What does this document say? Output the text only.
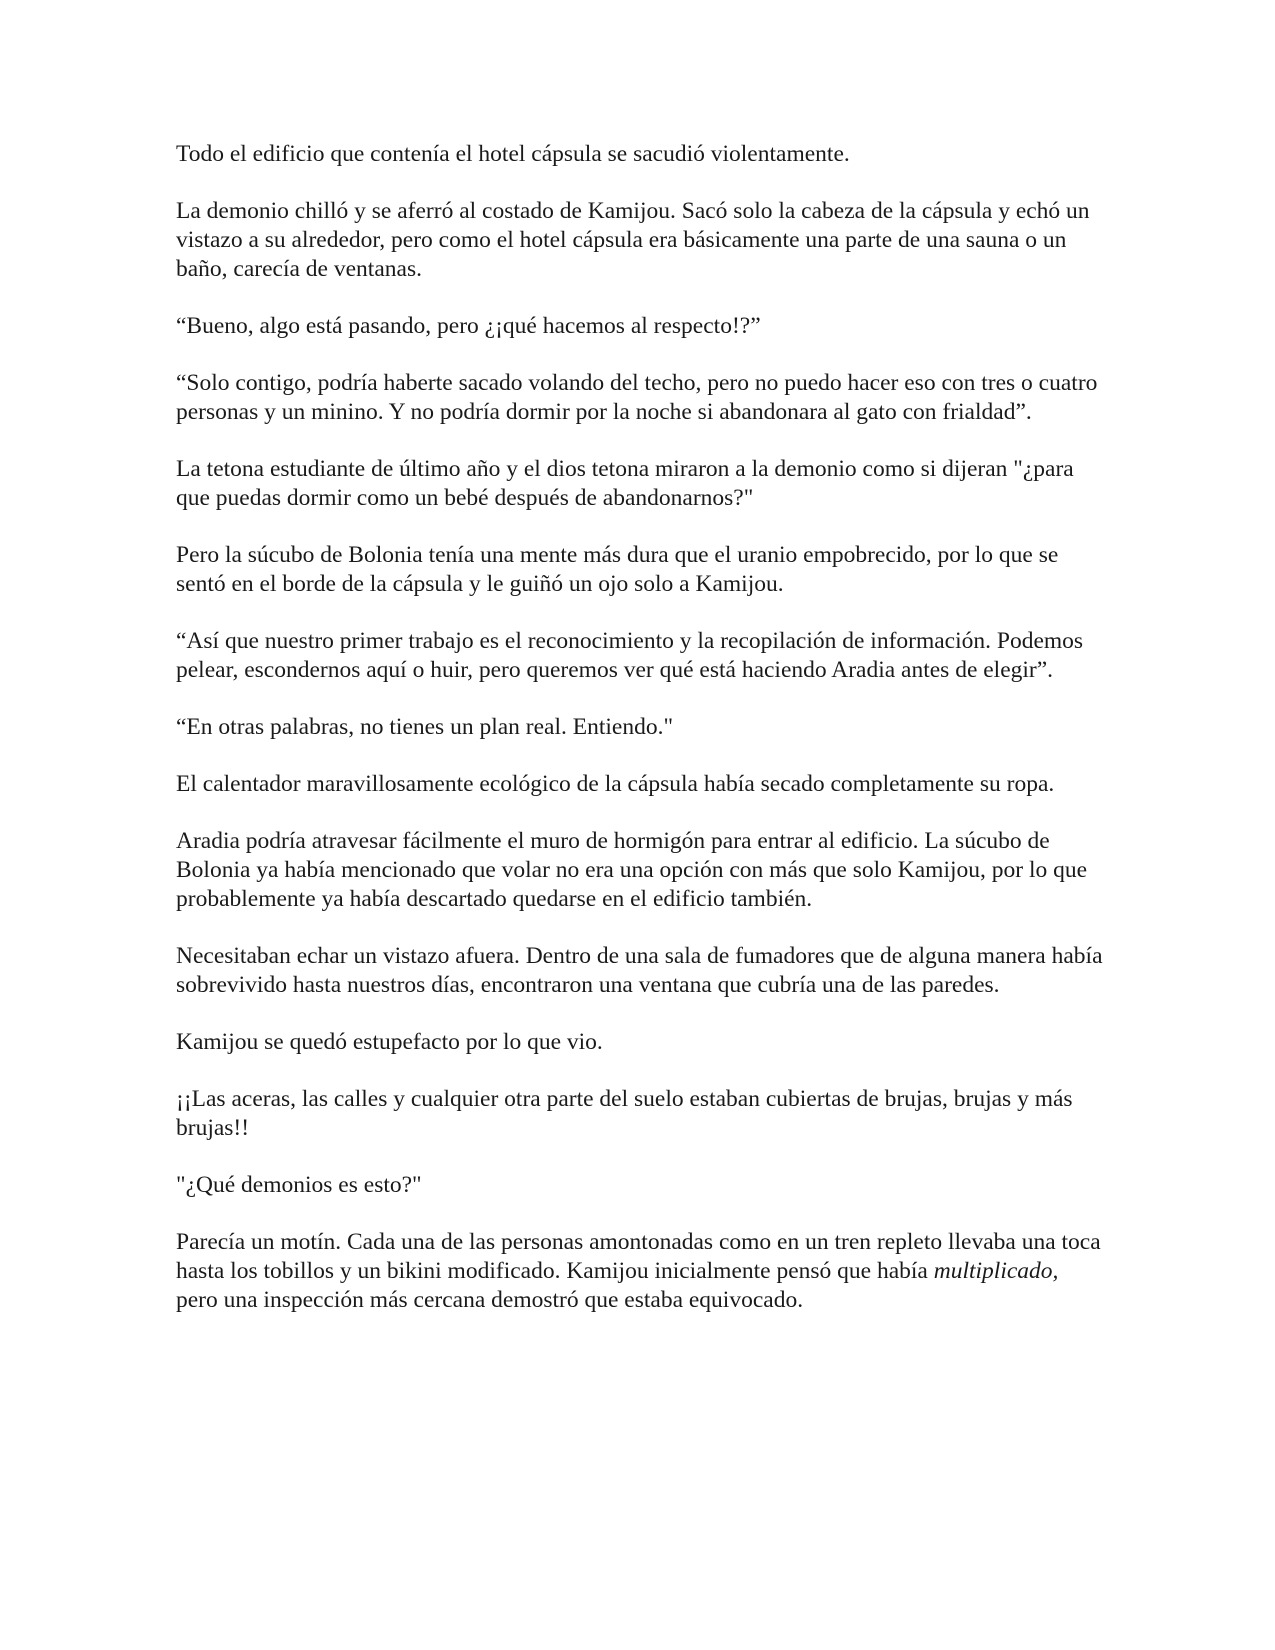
Todo el edificio que contenía el hotel cápsula se sacudió violentamente.

La demonio chilló y se aferró al costado de Kamijou. Sacó solo la cabeza de la cápsula y echó un vistazo a su alrededor, pero como el hotel cápsula era básicamente una parte de una sauna o un baño, carecía de ventanas.

“Bueno, algo está pasando, pero ¿¡qué hacemos al respecto!?”

“Solo contigo, podría haberte sacado volando del techo, pero no puedo hacer eso con tres o cuatro personas y un minino. Y no podría dormir por la noche si abandonara al gato con frialdad”.

La tetona estudiante de último año y el dios tetona miraron a la demonio como si dijeran "¿para que puedas dormir como un bebé después de abandonarnos?"

Pero la súcubo de Bolonia tenía una mente más dura que el uranio empobrecido, por lo que se sentó en el borde de la cápsula y le guiñó un ojo solo a Kamijou.

“Así que nuestro primer trabajo es el reconocimiento y la recopilación de información. Podemos pelear, escondernos aquí o huir, pero queremos ver qué está haciendo Aradia antes de elegir”.

“En otras palabras, no tienes un plan real. Entiendo."

El calentador maravillosamente ecológico de la cápsula había secado completamente su ropa.

Aradia podría atravesar fácilmente el muro de hormigón para entrar al edificio. La súcubo de Bolonia ya había mencionado que volar no era una opción con más que solo Kamijou, por lo que probablemente ya había descartado quedarse en el edificio también.

Necesitaban echar un vistazo afuera. Dentro de una sala de fumadores que de alguna manera había sobrevivido hasta nuestros días, encontraron una ventana que cubría una de las paredes.

Kamijou se quedó estupefacto por lo que vio.

¡¡Las aceras, las calles y cualquier otra parte del suelo estaban cubiertas de brujas, brujas y más brujas!!

"¿Qué demonios es esto?"

Parecía un motín. Cada una de las personas amontonadas como en un tren repleto llevaba una toca hasta los tobillos y un bikini modificado. Kamijou inicialmente pensó que había multiplicado, pero una inspección más cercana demostró que estaba equivocado.
